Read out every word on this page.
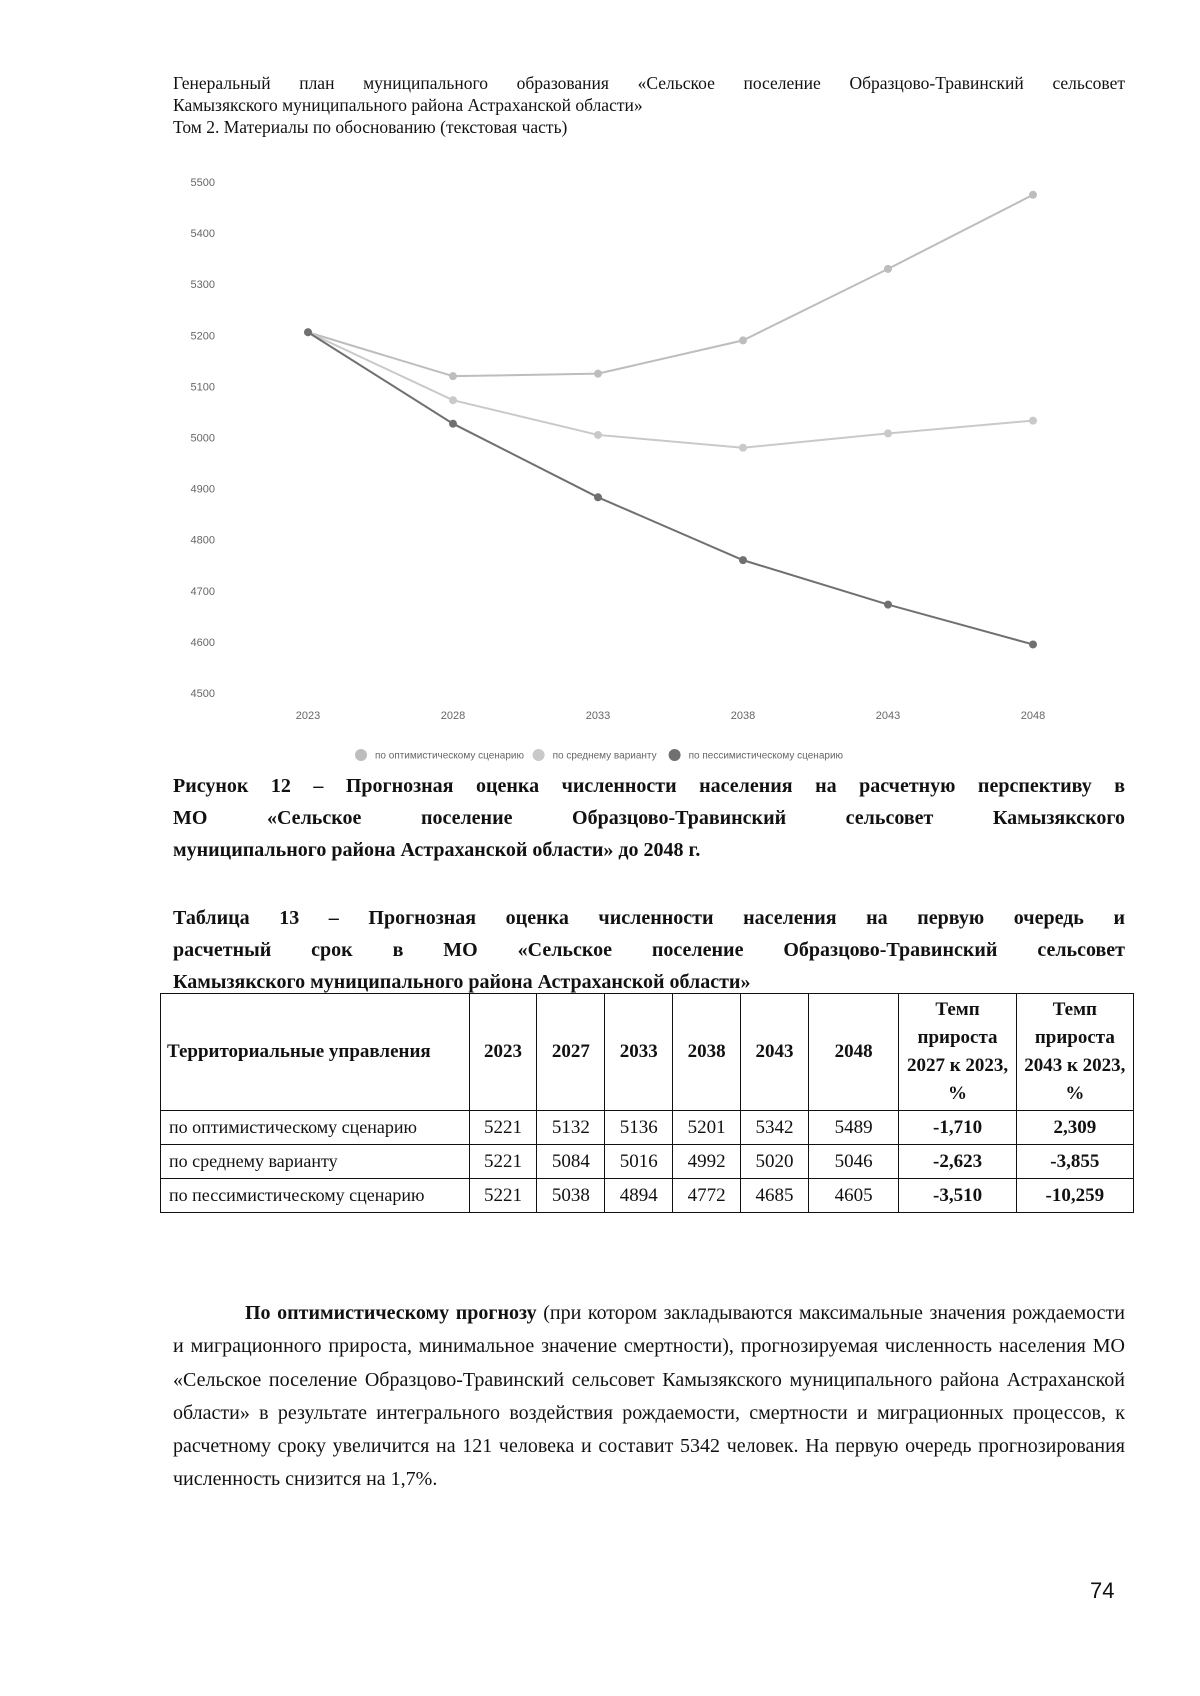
Генеральный план муниципального образования «Сельское поселение Образцово-Травинский сельсовет
Камызякского муниципального района Астраханской области»
Том 2. Материалы по обоснованию (текстовая часть)
4500
4600
4700
4800
4900
5000
5100
5200
5300
5400
5500
2023	2028	2033	2038	2043	2048
по оптимистическому сценарию	по среднему варианту	по пессимистическому сценарию
Рисунок 12 – Прогнозная оценка численности населения на расчетную перспективу в
МО «Сельское поселение Образцово-Травинский сельсовет Камызякского
муниципального района Астраханской области» до 2048 г.
Таблица 13 – Прогнозная оценка численности населения на первую очередь и
расчетный срок в МО «Сельское поселение Образцово-Травинский сельсовет
Камызякского муниципального района Астраханской области»
Территориальные управления	2023	2027	2033	2038	2043	2048	Темп прироста 2027 к 2023, %	Темп прироста 2043 к 2023, %
по оптимистическому сценарию	5221	5132	5136	5201	5342	5489	-1,710	2,309
по среднему варианту	5221	5084	5016	4992	5020	5046	-2,623	-3,855
по пессимистическому сценарию	5221	5038	4894	4772	4685	4605	-3,510	-10,259
По оптимистическому прогнозу (при котором закладываются максимальные значения рождаемости и миграционного прироста, минимальное значение смертности), прогнозируемая численность населения МО «Сельское поселение Образцово-Травинский сельсовет Камызякского муниципального района Астраханской области» в результате интегрального воздействия рождаемости, смертности и миграционных процессов, к расчетному сроку увеличится на 121 человека и составит 5342 человек. На первую очередь прогнозирования численность снизится на 1,7%.
74
